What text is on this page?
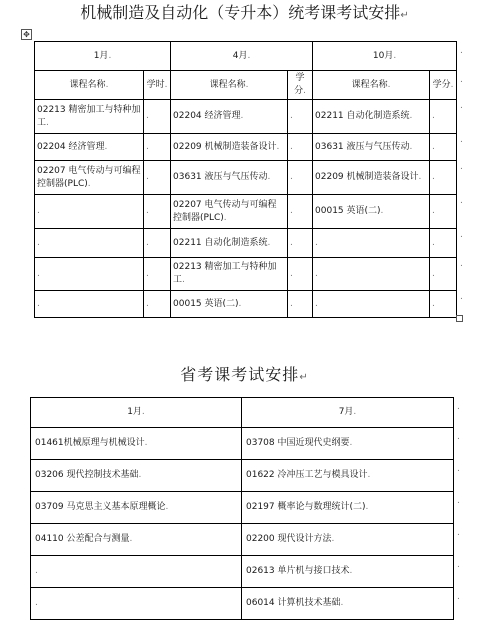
机械制造及自动化（专升本）统考课考试安排↵
✥
1月.		4月.		10月.	
课程名称.	学时.	课程名称.	学分.	课程名称.	学分.
02213 精密加工与特种加工.	.	02204 经济管理.	.	02211 自动化制造系统.	.
02204 经济管理.	.	02209 机械制造装备设计.	.	03631 液压与气压传动.	.
02207 电气传动与可编程控制器(PLC).	.	03631 液压与气压传动.	.	02209 机械制造装备设计.	.
.	.	02207 电气传动与可编程控制器(PLC).	.	00015 英语(二).	.
.	.	02211 自动化制造系统.	.	.	.
.	.	02213 精密加工与特种加工.	.	.	.
.	.	00015 英语(二).	.	.	.
省考课考试安排↵
1月.	7月.
01461机械原理与机械设计.	03708 中国近现代史纲要.
03206 现代控制技术基础.	01622 冷冲压工艺与模具设计.
03709 马克思主义基本原理概论.	02197 概率论与数理统计(二).
04110 公差配合与测量.	02200 现代设计方法.
.	02613 单片机与接口技术.
.	06014 计算机技术基础.
.
.
.
.
.
.
.
.
.
.
.
.
.
.
.
.
